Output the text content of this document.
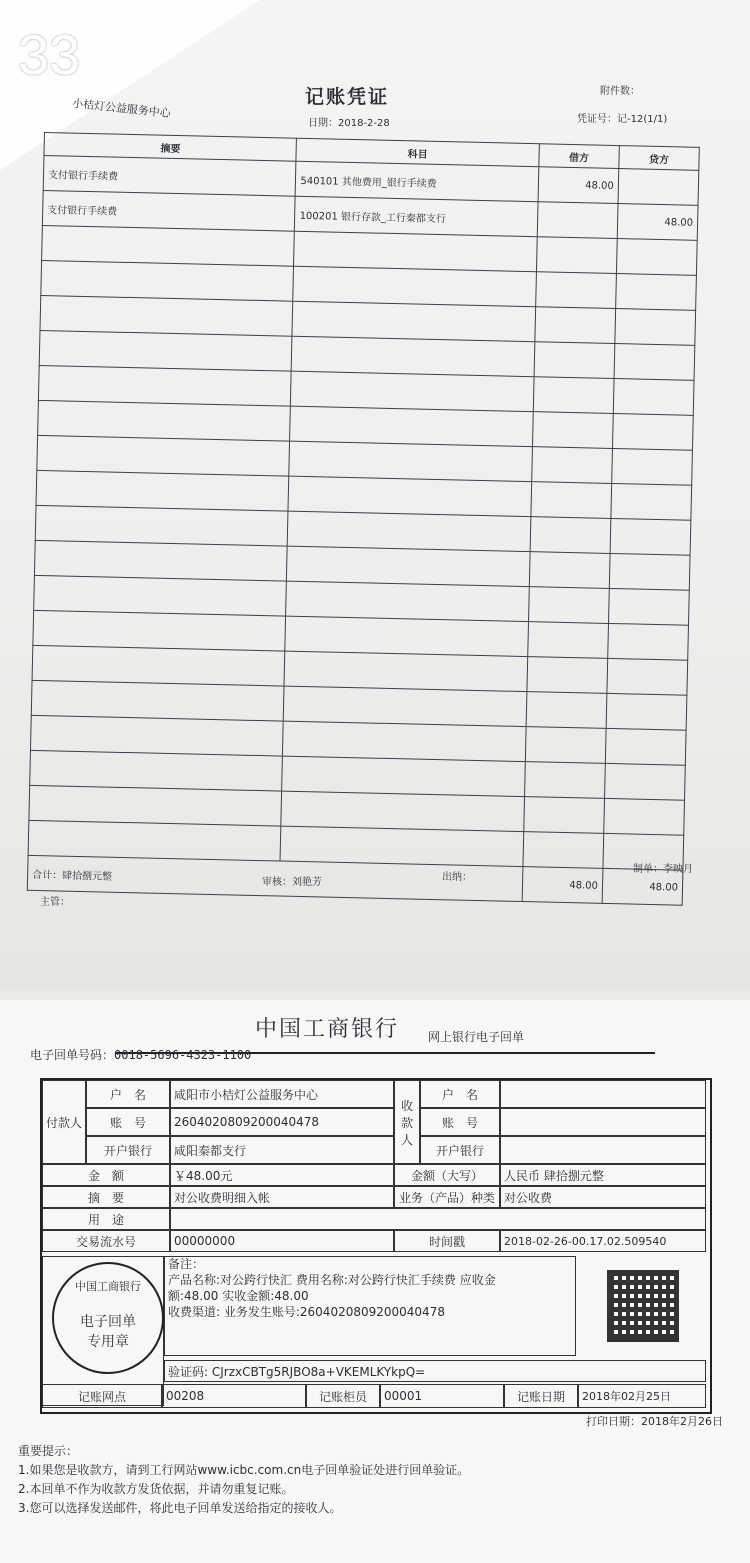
33
记账凭证
小桔灯公益服务中心
日期：2018-2-28
附件数：
凭证号：记-12(1/1)
摘要	科目	借方	贷方
支付银行手续费	540101 其他费用_银行手续费	48.00	
支付银行手续费	100201 银行存款_工行秦都支行		48.00

合计：肆拾捌元整		48.00	48.00
主管：
审核：刘艳芳	出纳：
制单：李映月
中国工商银行 网上银行电子回单
电子回单号码：0018-5696-4323-1100
付款人
户　名	咸阳市小桔灯公益服务中心
账　号	2604020809200040478
开户银行	咸阳秦都支行
收款人
户　名
账　号
开户银行
金　额	￥48.00元	金额（大写）	人民币 肆拾捌元整
摘　要	对公收费明细入帐	业务（产品）种类 对公收费
用　途
交易流水号	00000000	时间戳	2018-02-26-00.17.02.509540
中国工商银行
电子回单
专用章
备注：
产品名称:对公跨行快汇 费用名称:对公跨行快汇手续费 应收金
额:48.00 实收金额:48.00
收费渠道: 业务发生账号:2604020809200040478
验证码: CJrzxCBTg5RJBO8a+VKEMLKYkpQ=
记账网点	00208	记账柜员	00001	记账日期	2018年02月25日
打印日期：2018年2月26日
重要提示：
1.如果您是收款方，请到工行网站www.icbc.com.cn电子回单验证处进行回单验证。
2.本回单不作为收款方发货依据，并请勿重复记账。
3.您可以选择发送邮件，将此电子回单发送给指定的接收人。
